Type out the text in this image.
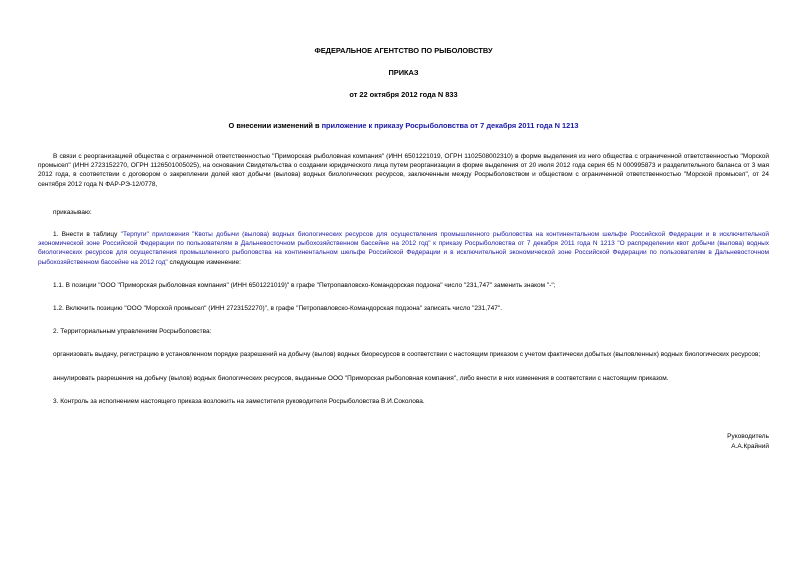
ФЕДЕРАЛЬНОЕ АГЕНТСТВО ПО РЫБОЛОВСТВУ
ПРИКАЗ
от 22 октября 2012 года N 833
О внесении изменений в приложение к приказу Росрыболовства от 7 декабря 2011 года N 1213

В связи с реорганизацией общества с ограниченной ответственностью "Приморская рыболовная компания" (ИНН 6501221019, ОГРН 1102508002310) в форме выделения из него общества с ограниченной ответственностью "Морской промысел" (ИНН 2723152270, ОГРН 1126501005025), на основании Свидетельства о создании юридического лица путем реорганизации в форме выделения от 20 июля 2012 года серия 65 N 000995873 и разделительного баланса от 3 мая 2012 года, в соответствии с договором о закреплении долей квот добычи (вылова) водных биологических ресурсов, заключенным между Росрыболовством и обществом с ограниченной ответственностью "Морской промысел", от 24 сентября 2012 года N ФАР-РЭ-12/0778,

приказываю:

1. Внести в таблицу "Терпуги" приложения "Квоты добычи (вылова) водных биологических ресурсов для осуществления промышленного рыболовства на континентальном шельфе Российской Федерации и в исключительной экономической зоне Российской Федерации по пользователям в Дальневосточном рыбохозяйственном бассейне на 2012 год" к приказу Росрыболовства от 7 декабря 2011 года N 1213 "О распределении квот добычи (вылова) водных биологических ресурсов для осуществления промышленного рыболовства на континентальном шельфе Российской Федерации и в исключительной экономической зоне Российской Федерации по пользователям в Дальневосточном рыбохозяйственном бассейне на 2012 год" следующие изменение:

1.1. В позиции "ООО "Приморская рыболовная компания" (ИНН 6501221019)" в графе "Петропавловско-Командорская подзона" число "231,747" заменить знаком "-";

1.2. Включить позицию "ООО "Морской промысел" (ИНН 2723152270)", в графе "Петропавловско-Командорская подзона" записать число "231,747".

2. Территориальным управлениям Росрыболовства:

организовать выдачу, регистрацию в установленном порядке разрешений на добычу (вылов) водных биоресурсов в соответствии с настоящим приказом с учетом фактически добытых (выловленных) водных биологических ресурсов;

аннулировать разрешения на добычу (вылов) водных биологических ресурсов, выданные ООО "Приморская рыболовная компания", либо внести в них изменения в соответствии с настоящим приказом.

3. Контроль за исполнением настоящего приказа возложить на заместителя руководителя Росрыболовства В.И.Соколова.

Руководитель
А.А.Крайний
